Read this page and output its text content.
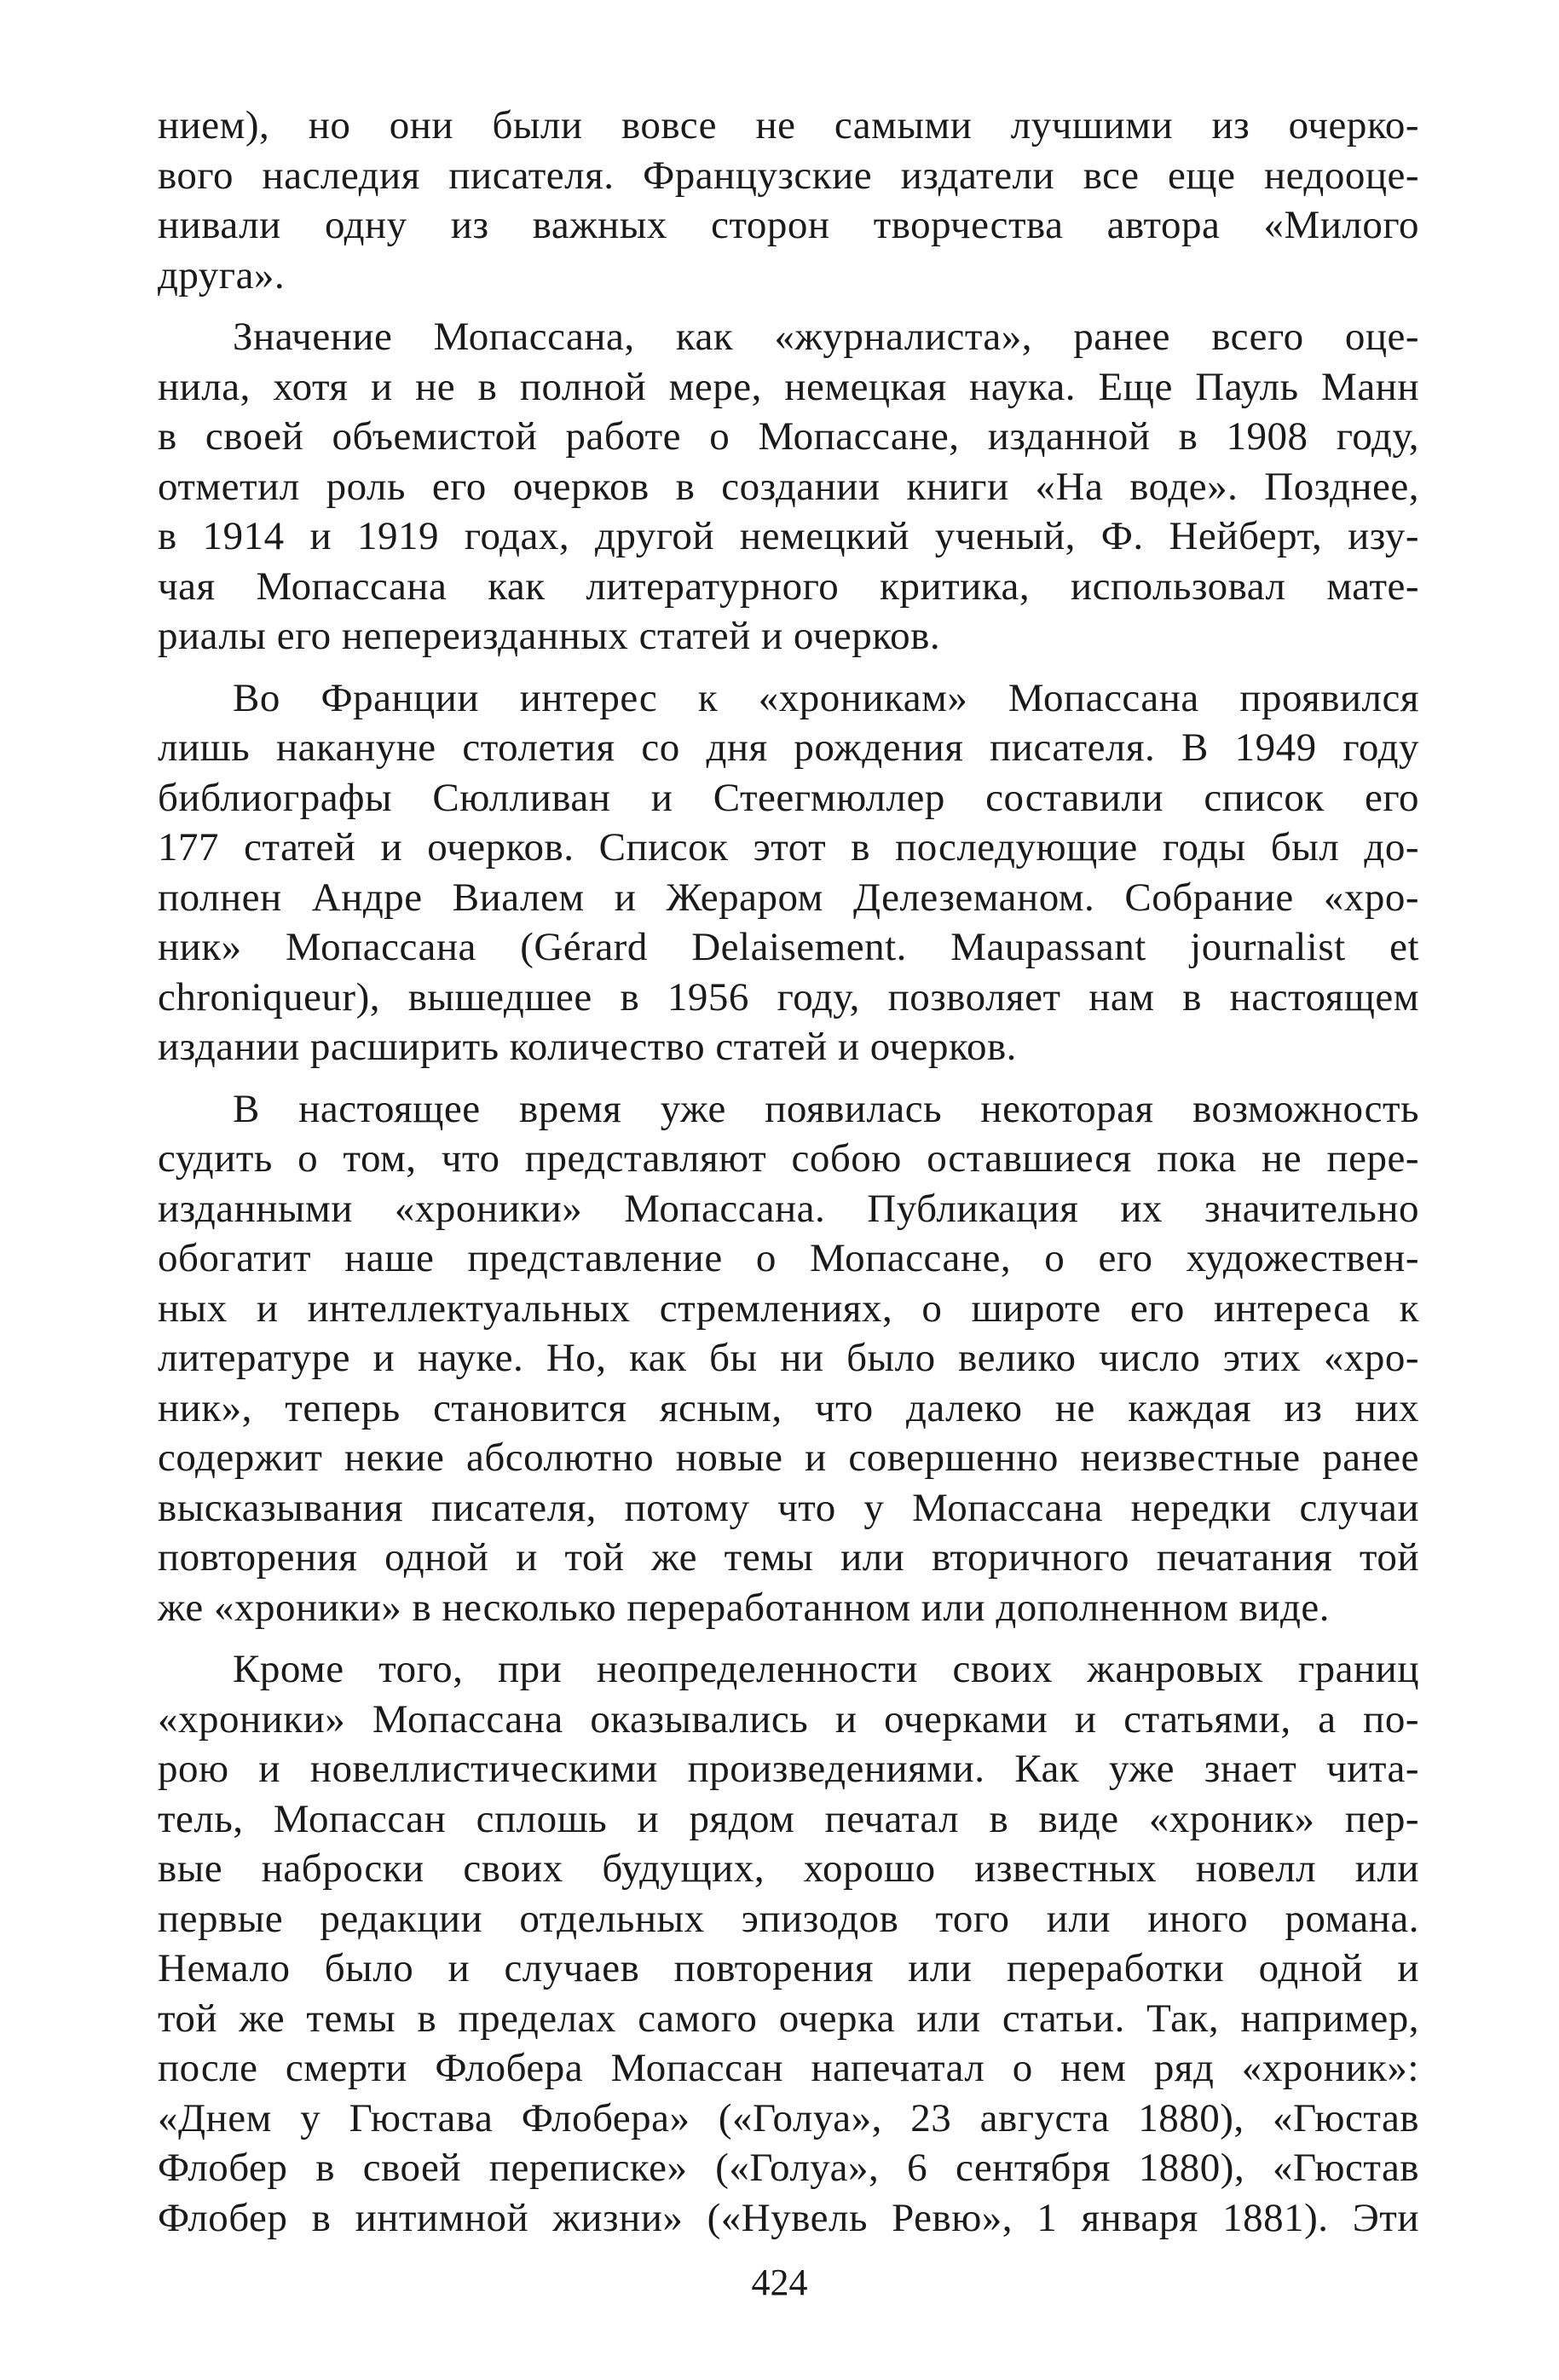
нием), но они были вовсе не самыми лучшими из очерко-
вого наследия писателя. Французские издатели все еще недооце-
нивали одну из важных сторон творчества автора «Милого
друга».
Значение Мопассана, как «журналиста», ранее всего оце-
нила, хотя и не в полной мере, немецкая наука. Еще Пауль Манн
в своей объемистой работе о Мопассане, изданной в 1908 году,
отметил роль его очерков в создании книги «На воде». Позднее,
в 1914 и 1919 годах, другой немецкий ученый, Ф. Нейберт, изу-
чая Мопассана как литературного критика, использовал мате-
риалы его непереизданных статей и очерков.
Во Франции интерес к «хроникам» Мопассана проявился
лишь накануне столетия со дня рождения писателя. В 1949 году
библиографы Сюлливан и Стеегмюллер составили список его
177 статей и очерков. Список этот в последующие годы был до-
полнен Андре Виалем и Жераром Делеземаном. Собрание «хро-
ник» Мопассана (Gérard Delaisement. Maupassant journalist et
chroniqueur), вышедшее в 1956 году, позволяет нам в настоящем
издании расширить количество статей и очерков.
В настоящее время уже появилась некоторая возможность
судить о том, что представляют собою оставшиеся пока не пере-
изданными «хроники» Мопассана. Публикация их значительно
обогатит наше представление о Мопассане, о его художествен-
ных и интеллектуальных стремлениях, о широте его интереса к
литературе и науке. Но, как бы ни было велико число этих «хро-
ник», теперь становится ясным, что далеко не каждая из них
содержит некие абсолютно новые и совершенно неизвестные ранее
высказывания писателя, потому что у Мопассана нередки случаи
повторения одной и той же темы или вторичного печатания той
же «хроники» в несколько переработанном или дополненном виде.
Кроме того, при неопределенности своих жанровых границ
«хроники» Мопассана оказывались и очерками и статьями, а по-
рою и новеллистическими произведениями. Как уже знает чита-
тель, Мопассан сплошь и рядом печатал в виде «хроник» пер-
вые наброски своих будущих, хорошо известных новелл или
первые редакции отдельных эпизодов того или иного романа.
Немало было и случаев повторения или переработки одной и
той же темы в пределах самого очерка или статьи. Так, например,
после смерти Флобера Мопассан напечатал о нем ряд «хроник»:
«Днем у Гюстава Флобера» («Голуа», 23 августа 1880), «Гюстав
Флобер в своей переписке» («Голуа», 6 сентября 1880), «Гюстав
Флобер в интимной жизни» («Нувель Ревю», 1 января 1881). Эти
424
